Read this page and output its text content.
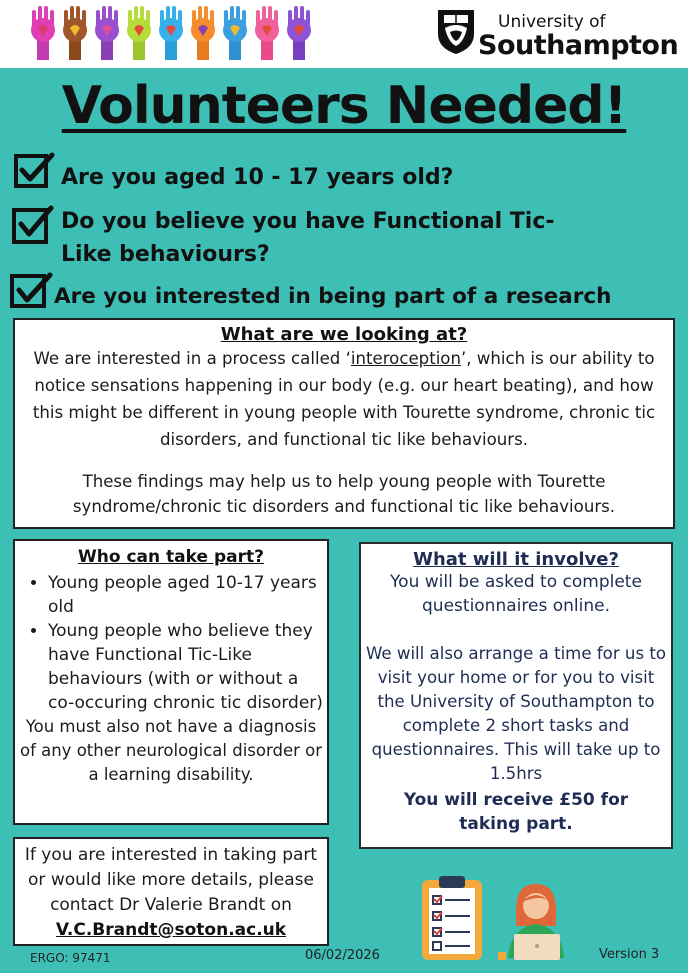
University of
Southampton
Volunteers Needed!
Are you aged 10 - 17 years old?
Do you believe you have Functional Tic-Like behaviours?
Are you interested in being part of a research
What are we looking at?
We are interested in a process called ‘interoception’, which is our ability to notice sensations happening in our body (e.g. our heart beating), and how this might be different in young people with Tourette syndrome, chronic tic disorders, and functional tic like behaviours.
These findings may help us to help young people with Tourette syndrome/chronic tic disorders and functional tic like behaviours.
Who can take part?
• Young people aged 10-17 years old
• Young people who believe they have Functional Tic-Like behaviours (with or without a co-occuring chronic tic disorder)
You must also not have a diagnosis of any other neurological disorder or a learning disability.
What will it involve?
You will be asked to complete questionnaires online.
We will also arrange a time for us to visit your home or for you to visit the University of Southampton to complete 2 short tasks and questionnaires. This will take up to 1.5hrs
You will receive £50 for taking part.
If you are interested in taking part or would like more details, please contact Dr Valerie Brandt on
V.C.Brandt@soton.ac.uk
ERGO: 97471	06/02/2026	Version 3
